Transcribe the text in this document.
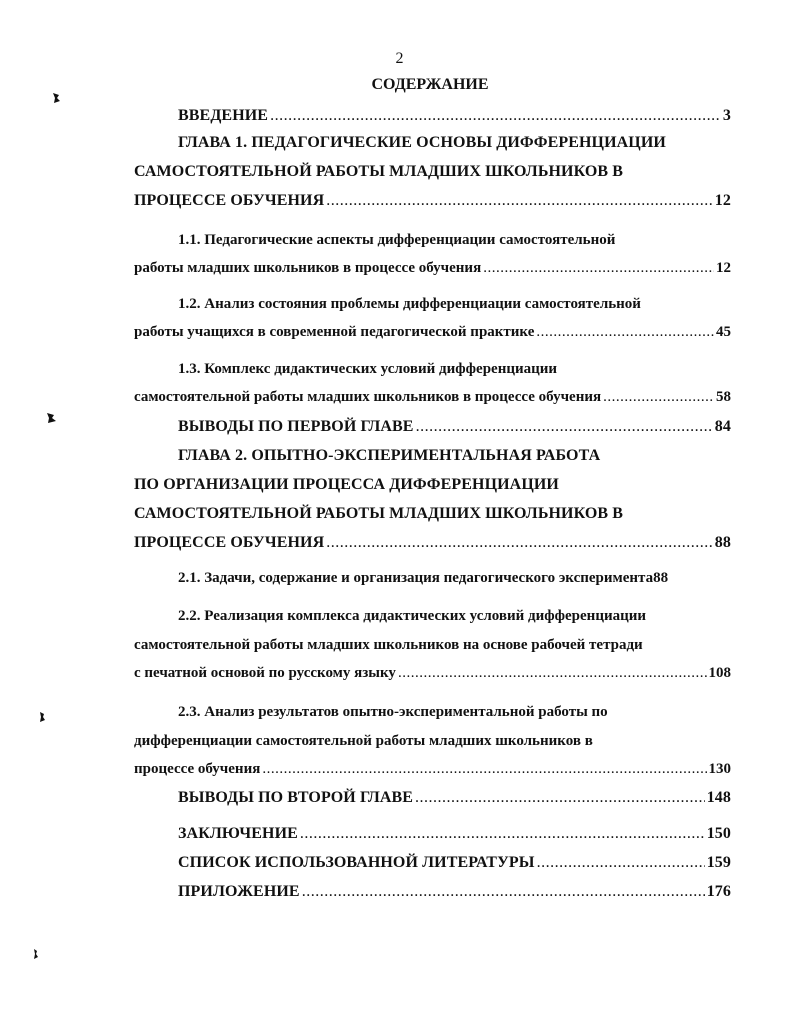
2
СОДЕРЖАНИЕ
ВВЕДЕНИЕ .....	3
ГЛАВА 1. ПЕДАГОГИЧЕСКИЕ ОСНОВЫ ДИФФЕРЕНЦИАЦИИ
САМОСТОЯТЕЛЬНОЙ РАБОТЫ МЛАДШИХ ШКОЛЬНИКОВ В
ПРОЦЕССЕ ОБУЧЕНИЯ .....	12
1.1. Педагогические аспекты дифференциации самостоятельной
работы младших школьников в процессе обучения .....	12
1.2. Анализ состояния проблемы дифференциации самостоятельной
работы учащихся в современной педагогической практике .....	45
1.3. Комплекс дидактических условий дифференциации
самостоятельной работы младших школьников в процессе обучения .....	58
ВЫВОДЫ ПО ПЕРВОЙ ГЛАВЕ .....	84
ГЛАВА 2. ОПЫТНО-ЭКСПЕРИМЕНТАЛЬНАЯ РАБОТА
ПО ОРГАНИЗАЦИИ ПРОЦЕССА ДИФФЕРЕНЦИАЦИИ
САМОСТОЯТЕЛЬНОЙ РАБОТЫ МЛАДШИХ ШКОЛЬНИКОВ В
ПРОЦЕССЕ ОБУЧЕНИЯ .....	88
2.1. Задачи, содержание и организация педагогического эксперимента 88
2.2. Реализация комплекса дидактических условий дифференциации
самостоятельной работы младших школьников на основе рабочей тетради
с печатной основой по русскому языку .....	108
2.3. Анализ результатов опытно-экспериментальной работы по
дифференциации самостоятельной работы младших школьников в
процессе обучения .....	130
ВЫВОДЫ ПО ВТОРОЙ ГЛАВЕ .....	148
ЗАКЛЮЧЕНИЕ .....	150
СПИСОК ИСПОЛЬЗОВАННОЙ ЛИТЕРАТУРЫ .....	159
ПРИЛОЖЕНИЕ .....	176
